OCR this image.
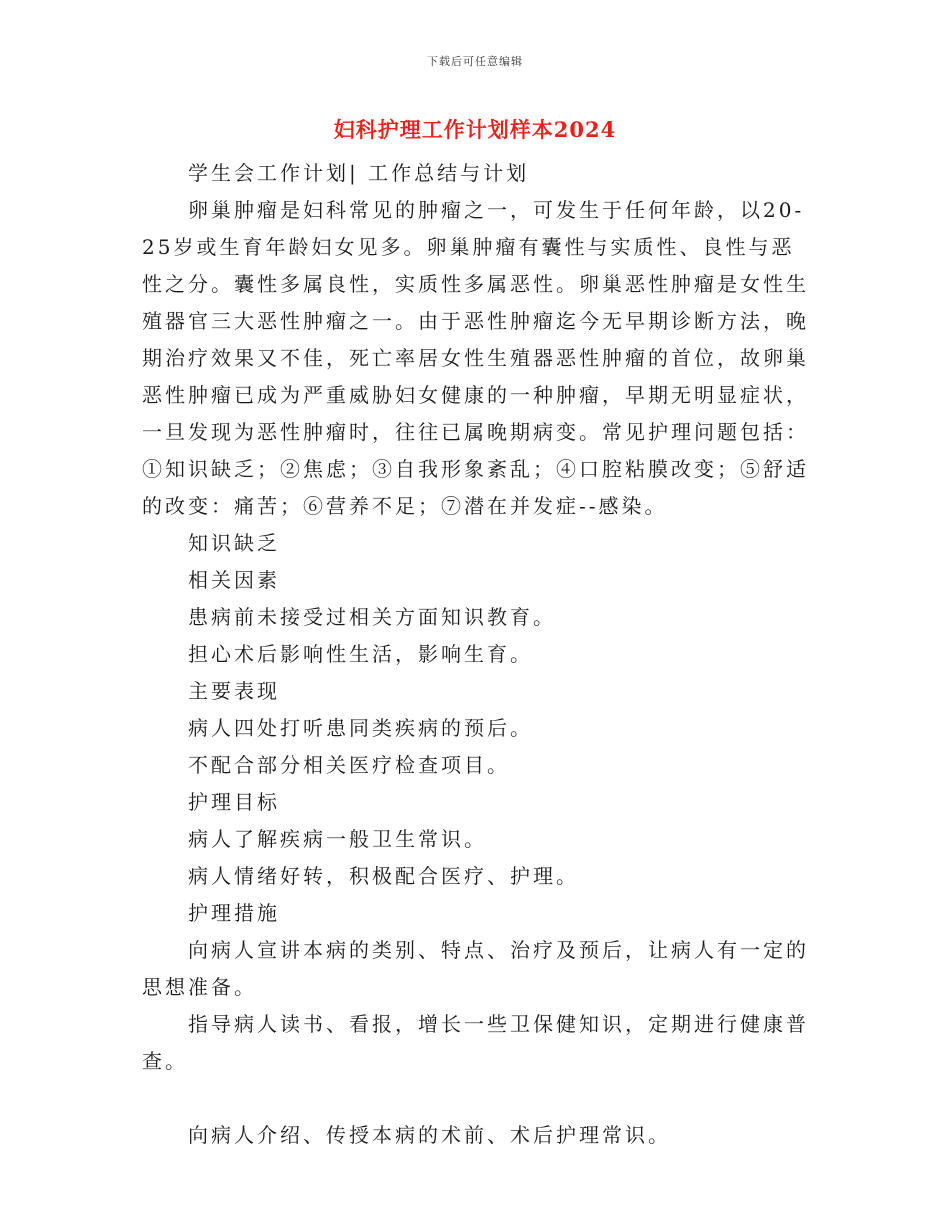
下载后可任意编辑
妇科护理工作计划样本2024

学生会工作计划| 工作总结与计划

卵巢肿瘤是妇科常见的肿瘤之一，可发生于任何年龄，以20-25岁或生育年龄妇女见多。卵巢肿瘤有囊性与实质性、良性与恶性之分。囊性多属良性，实质性多属恶性。卵巢恶性肿瘤是女性生殖器官三大恶性肿瘤之一。由于恶性肿瘤迄今无早期诊断方法，晚期治疗效果又不佳，死亡率居女性生殖器恶性肿瘤的首位，故卵巢恶性肿瘤已成为严重威胁妇女健康的一种肿瘤，早期无明显症状，一旦发现为恶性肿瘤时，往往已属晚期病变。常见护理问题包括：①知识缺乏；②焦虑；③自我形象紊乱；④口腔粘膜改变；⑤舒适的改变：痛苦；⑥营养不足；⑦潜在并发症--感染。

知识缺乏

相关因素

患病前未接受过相关方面知识教育。

担心术后影响性生活，影响生育。

主要表现

病人四处打听患同类疾病的预后。

不配合部分相关医疗检查项目。

护理目标

病人了解疾病一般卫生常识。

病人情绪好转，积极配合医疗、护理。

护理措施

向病人宣讲本病的类别、特点、治疗及预后，让病人有一定的思想准备。

指导病人读书、看报，增长一些卫保健知识，定期进行健康普查。

向病人介绍、传授本病的术前、术后护理常识。
